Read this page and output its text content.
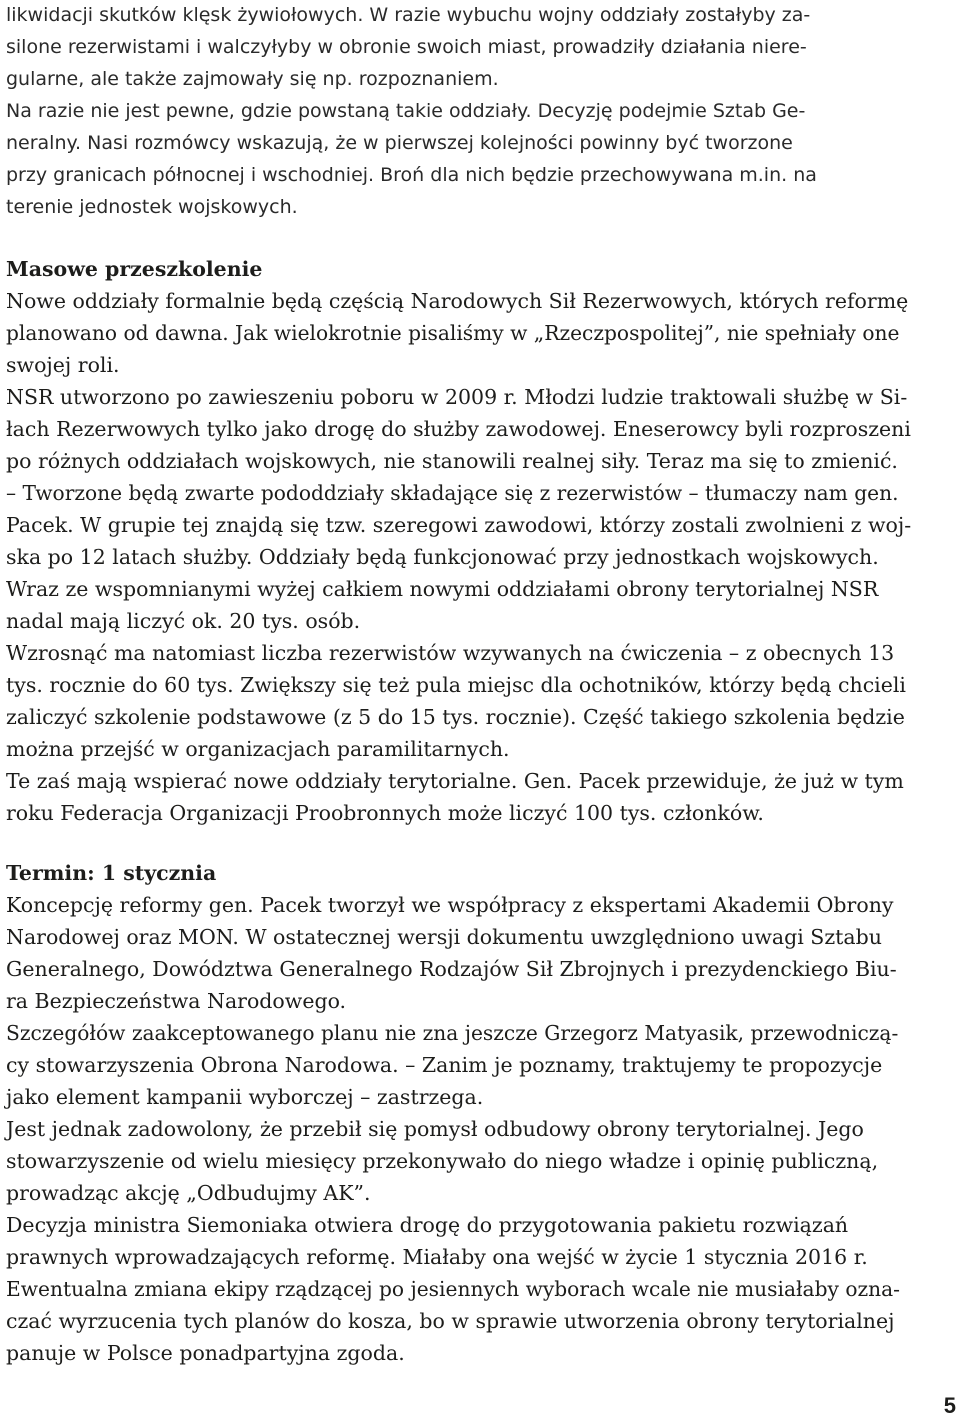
likwidacji skutków klęsk żywiołowych. W razie wybuchu wojny oddziały zostałyby za-
silone rezerwistami i walczyłyby w obronie swoich miast, prowadziły działania niere-
gularne, ale także zajmowały się np. rozpoznaniem.
Na razie nie jest pewne, gdzie powstaną takie oddziały. Decyzję podejmie Sztab Ge-
neralny. Nasi rozmówcy wskazują, że w pierwszej kolejności powinny być tworzone
przy granicach północnej i wschodniej. Broń dla nich będzie przechowywana m.in. na
terenie jednostek wojskowych.
Masowe przeszkolenie
Nowe oddziały formalnie będą częścią Narodowych Sił Rezerwowych, których reformę
planowano od dawna. Jak wielokrotnie pisaliśmy w „Rzeczpospolitej”, nie spełniały one
swojej roli.
NSR utworzono po zawieszeniu poboru w 2009 r. Młodzi ludzie traktowali służbę w Si-
łach Rezerwowych tylko jako drogę do służby zawodowej. Eneserowcy byli rozproszeni
po różnych oddziałach wojskowych, nie stanowili realnej siły. Teraz ma się to zmienić.
– Tworzone będą zwarte pododdziały składające się z rezerwistów – tłumaczy nam gen.
Pacek. W grupie tej znajdą się tzw. szeregowi zawodowi, którzy zostali zwolnieni z woj-
ska po 12 latach służby. Oddziały będą funkcjonować przy jednostkach wojskowych.
Wraz ze wspomnianymi wyżej całkiem nowymi oddziałami obrony terytorialnej NSR
nadal mają liczyć ok. 20 tys. osób.
Wzrosnąć ma natomiast liczba rezerwistów wzywanych na ćwiczenia – z obecnych 13
tys. rocznie do 60 tys. Zwiększy się też pula miejsc dla ochotników, którzy będą chcieli
zaliczyć szkolenie podstawowe (z 5 do 15 tys. rocznie). Część takiego szkolenia będzie
można przejść w organizacjach paramilitarnych.
Te zaś mają wspierać nowe oddziały terytorialne. Gen. Pacek przewiduje, że już w tym
roku Federacja Organizacji Proobronnych może liczyć 100 tys. członków.
Termin: 1 stycznia
Koncepcję reformy gen. Pacek tworzył we współpracy z ekspertami Akademii Obrony
Narodowej oraz MON. W ostatecznej wersji dokumentu uwzględniono uwagi Sztabu
Generalnego, Dowództwa Generalnego Rodzajów Sił Zbrojnych i prezydenckiego Biu-
ra Bezpieczeństwa Narodowego.
Szczegółów zaakceptowanego planu nie zna jeszcze Grzegorz Matyasik, przewodniczą-
cy stowarzyszenia Obrona Narodowa. – Zanim je poznamy, traktujemy te propozycje
jako element kampanii wyborczej – zastrzega.
Jest jednak zadowolony, że przebił się pomysł odbudowy obrony terytorialnej. Jego
stowarzyszenie od wielu miesięcy przekonywało do niego władze i opinię publiczną,
prowadząc akcję „Odbudujmy AK”.
Decyzja ministra Siemoniaka otwiera drogę do przygotowania pakietu rozwiązań
prawnych wprowadzających reformę. Miałaby ona wejść w życie 1 stycznia 2016 r.
Ewentualna zmiana ekipy rządzącej po jesiennych wyborach wcale nie musiałaby ozna-
czać wyrzucenia tych planów do kosza, bo w sprawie utworzenia obrony terytorialnej
panuje w Polsce ponadpartyjna zgoda.
5
